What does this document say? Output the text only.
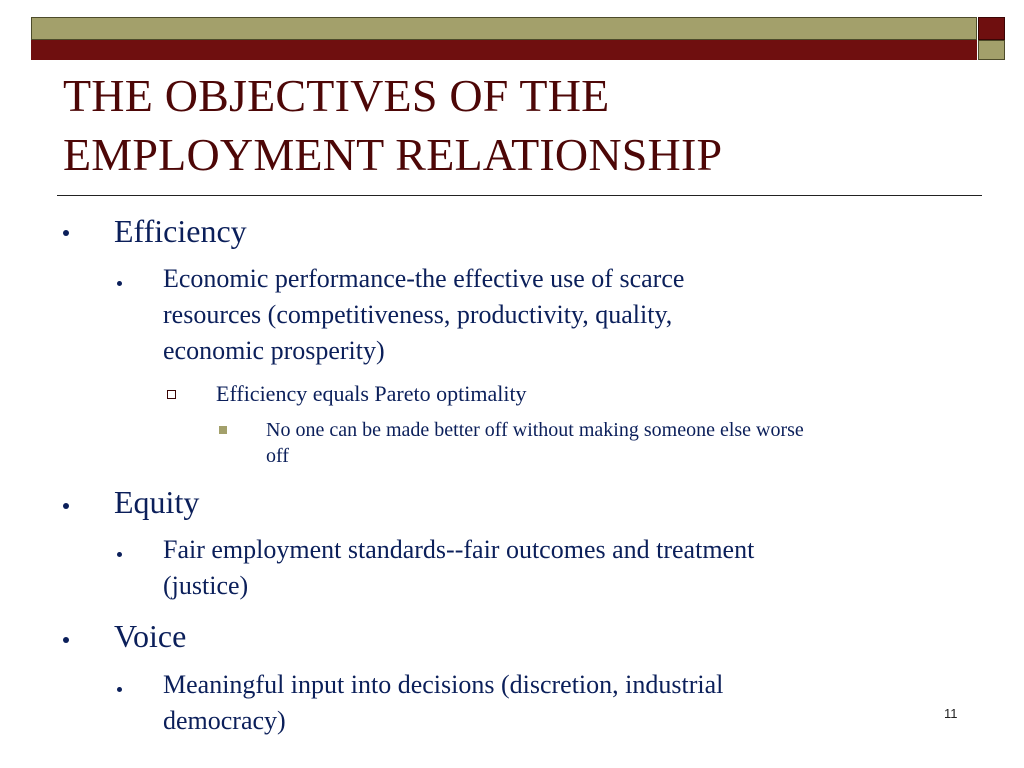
THE OBJECTIVES OF THE
EMPLOYMENT RELATIONSHIP

Efficiency

Economic performance-the effective use of scarce

resources (competitiveness, productivity, quality,

economic prosperity)

Efficiency equals Pareto optimality

No one can be made better off without making someone else worse

off

Equity

Fair employment standards--fair outcomes and treatment

(justice)

Voice

Meaningful input into decisions (discretion, industrial

democracy)	11
